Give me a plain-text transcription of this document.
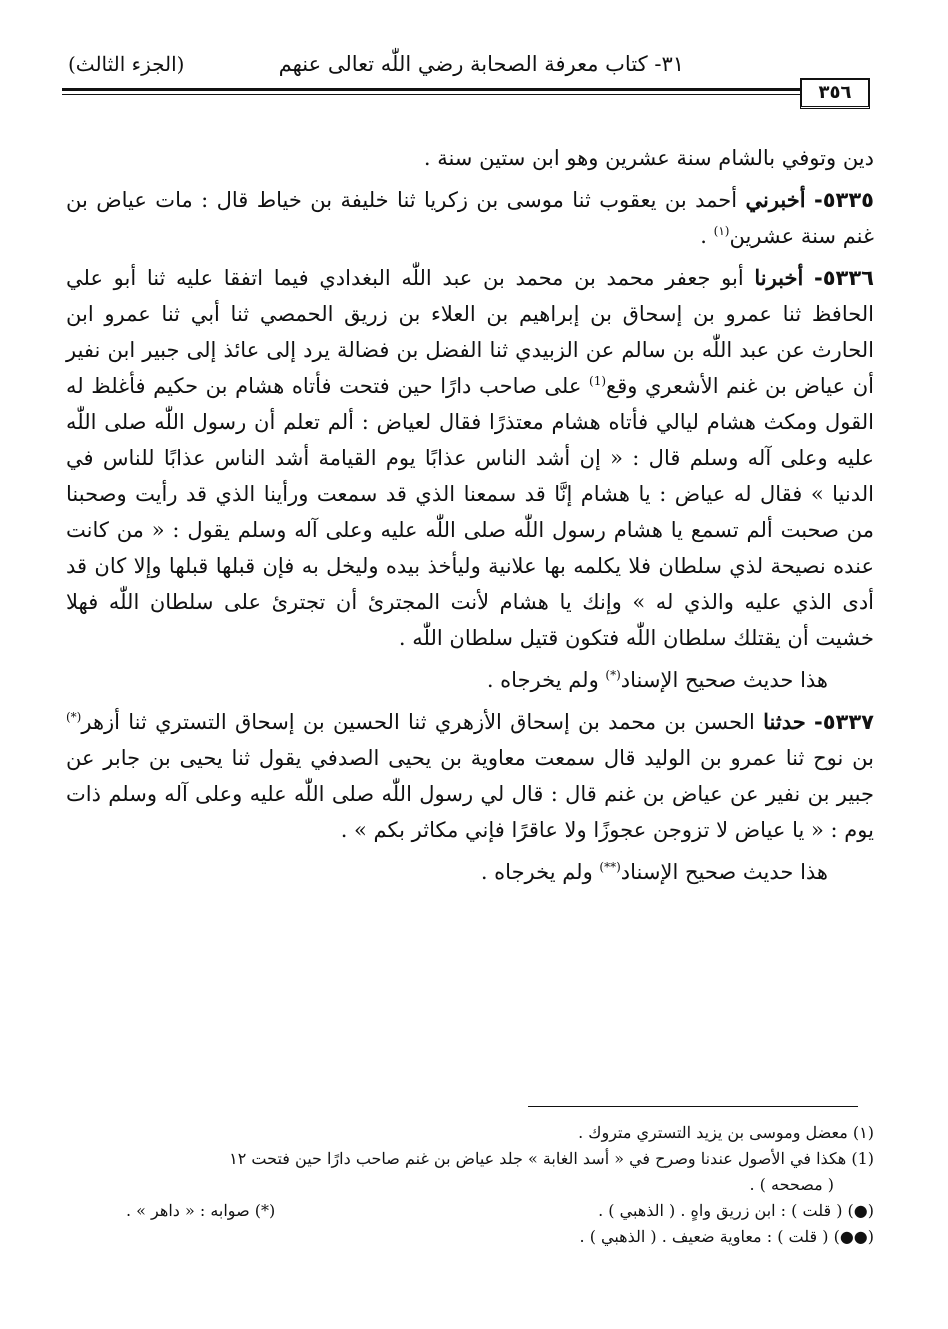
٣٥٦
٣١- كتاب معرفة الصحابة رضي اللّٰه تعالى عنهم
(الجزء الثالث)

دين وتوفي بالشام سنة عشرين وهو ابن ستين سنة .

٥٣٣٥- أخبرني أحمد بن يعقوب ثنا موسى بن زكريا ثنا خليفة بن خياط قال : مات عياض بن غنم سنة عشرين$^{(١)}$ .

٥٣٣٦- أخبرنا أبو جعفر محمد بن محمد بن عبد اللّٰه البغدادي فيما اتفقا عليه ثنا أبو علي الحافظ ثنا عمرو بن إسحاق بن إبراهيم بن العلاء بن زريق الحمصي ثنا أبي ثنا عمرو ابن الحارث عن عبد اللّٰه بن سالم عن الزبيدي ثنا الفضل بن فضالة يرد إلى عائذ إلى جبير ابن نفير أن عياض بن غنم الأشعري وقع$^{(1)}$ على صاحب دارًا حين فتحت فأتاه هشام بن حكيم فأغلظ له القول ومكث هشام ليالي فأتاه هشام معتذرًا فقال لعياض : ألم تعلم أن رسول اللّٰه صلى اللّٰه عليه وعلى آله وسلم قال : « إن أشد الناس عذابًا يوم القيامة أشد الناس عذابًا للناس في الدنيا » فقال له عياض : يا هشام إنَّا قد سمعنا الذي قد سمعت ورأينا الذي قد رأيت وصحبنا من صحبت ألم تسمع يا هشام رسول اللّٰه صلى اللّٰه عليه وعلى آله وسلم يقول : « من كانت عنده نصيحة لذي سلطان فلا يكلمه بها علانية وليأخذ بيده وليخل به فإن قبلها قبلها وإلا كان قد أدى الذي عليه والذي له » وإنك يا هشام لأنت المجترئ أن تجترئ على سلطان اللّٰه فهلا خشيت أن يقتلك سلطان اللّٰه فتكون قتيل سلطان اللّٰه .

هذا حديث صحيح الإسناد(*) ولم يخرجاه .

٥٣٣٧- حدثنا الحسن بن محمد بن إسحاق الأزهري ثنا الحسين بن إسحاق التستري ثنا أزهر(*) بن نوح ثنا عمرو بن الوليد قال سمعت معاوية بن يحيى الصدفي يقول ثنا يحيى بن جابر عن جبير بن نفير عن عياض بن غنم قال : قال لي رسول اللّٰه صلى اللّٰه عليه وعلى آله وسلم ذات يوم : « يا عياض لا تزوجن عجوزًا ولا عاقرًا فإني مكاثر بكم » .

هذا حديث صحيح الإسناد(**) ولم يخرجاه .

(١) معضل وموسى بن يزيد التستري متروك .

(1) هكذا في الأصول عندنا وصرح في « أسد الغابة » جلد عياض بن غنم صاحب دارًا حين فتحت ١٢

( مصححه ) .

(●) ( قلت ) : ابن زريق واهٍ . ( الذهبي ) .
(*) صوابه : « داهر » .

(●●) ( قلت ) : معاوية ضعيف . ( الذهبي ) .
